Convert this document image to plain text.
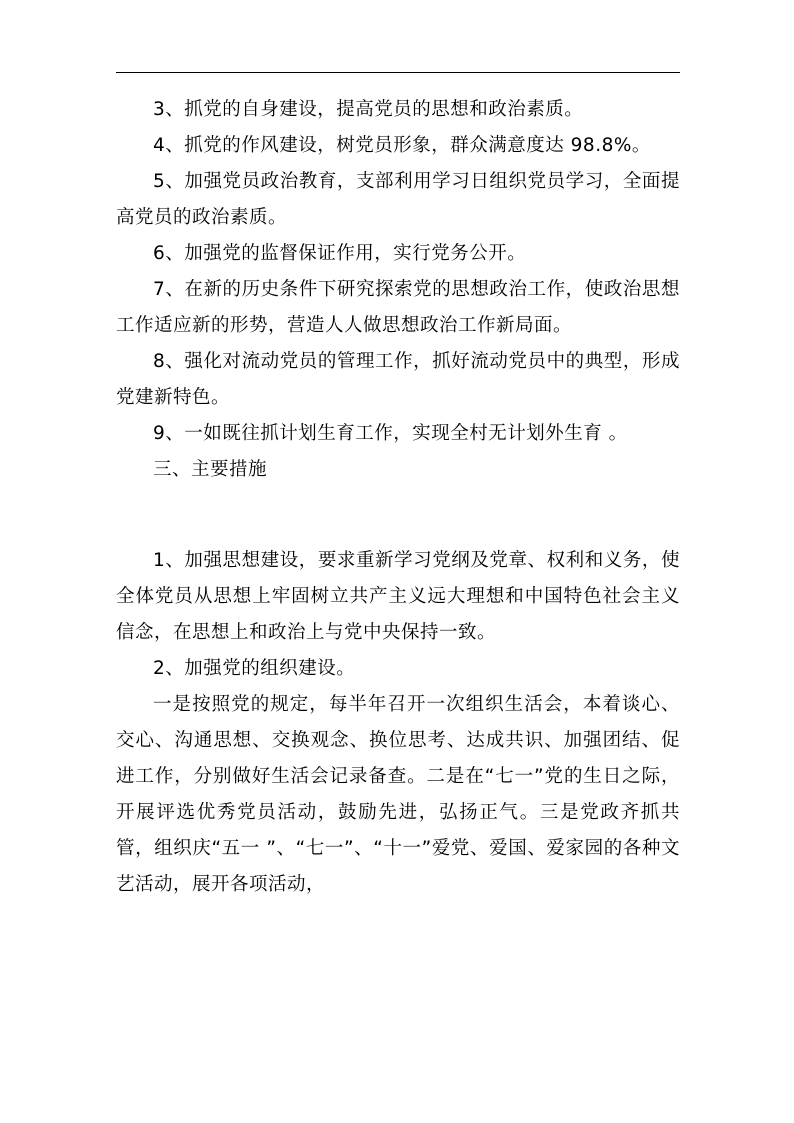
3、抓党的自身建设，提高党员的思想和政治素质。

4、抓党的作风建设，树党员形象，群众满意度达 98.8%。

5、加强党员政治教育，支部利用学习日组织党员学习，全面提高党员的政治素质。

6、加强党的监督保证作用，实行党务公开。

7、在新的历史条件下研究探索党的思想政治工作，使政治思想工作适应新的形势，营造人人做思想政治工作新局面。

8、强化对流动党员的管理工作，抓好流动党员中的典型，形成党建新特色。

9、一如既往抓计划生育工作，实现全村无计划外生育 。

三、主要措施

1、加强思想建设，要求重新学习党纲及党章、权利和义务，使全体党员从思想上牢固树立共产主义远大理想和中国特色社会主义信念，在思想上和政治上与党中央保持一致。

2、加强党的组织建设。

一是按照党的规定，每半年召开一次组织生活会，本着谈心、交心、沟通思想、交换观念、换位思考、达成共识、加强团结、促进工作，分别做好生活会记录备查。二是在“七一”党的生日之际，开展评选优秀党员活动，鼓励先进，弘扬正气。三是党政齐抓共管，组织庆“五一 ”、“七一”、“十一”爱党、爱国、爱家园的各种文艺活动，展开各项活动，
